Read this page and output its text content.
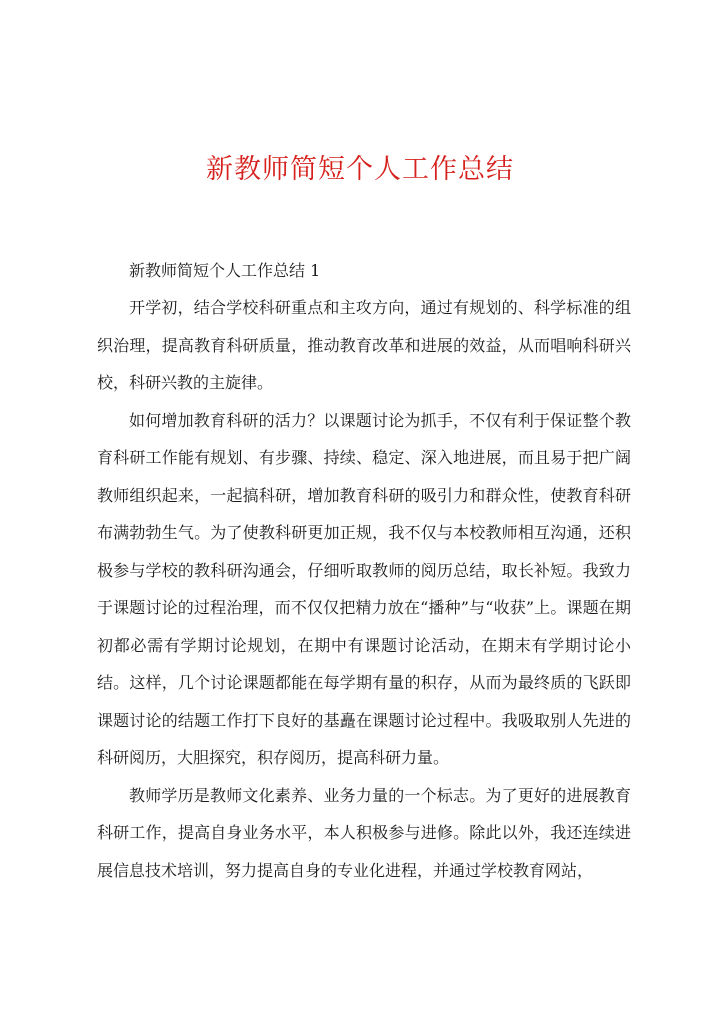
新教师简短个人工作总结

新教师简短个人工作总结 1

开学初，结合学校科研重点和主攻方向，通过有规划的、科学标准的组织治理，提高教育科研质量，推动教育改革和进展的效益，从而唱响科研兴校，科研兴教的主旋律。

如何增加教育科研的活力？以课题讨论为抓手，不仅有利于保证整个教育科研工作能有规划、有步骤、持续、稳定、深入地进展，而且易于把广阔教师组织起来，一起搞科研，增加教育科研的吸引力和群众性，使教育科研布满勃勃生气。为了使教科研更加正规，我不仅与本校教师相互沟通，还积极参与学校的教科研沟通会，仔细听取教师的阅历总结，取长补短。我致力于课题讨论的过程治理，而不仅仅把精力放在“播种”与“收获”上。课题在期初都必需有学期讨论规划，在期中有课题讨论活动，在期末有学期讨论小结。这样，几个讨论课题都能在每学期有量的积存，从而为最终质的飞跃即课题讨论的结题工作打下良好的基矗在课题讨论过程中。我吸取别人先进的科研阅历，大胆探究，积存阅历，提高科研力量。

教师学历是教师文化素养、业务力量的一个标志。为了更好的进展教育科研工作，提高自身业务水平，本人积极参与进修。除此以外，我还连续进展信息技术培训，努力提高自身的专业化进程，并通过学校教育网站，
